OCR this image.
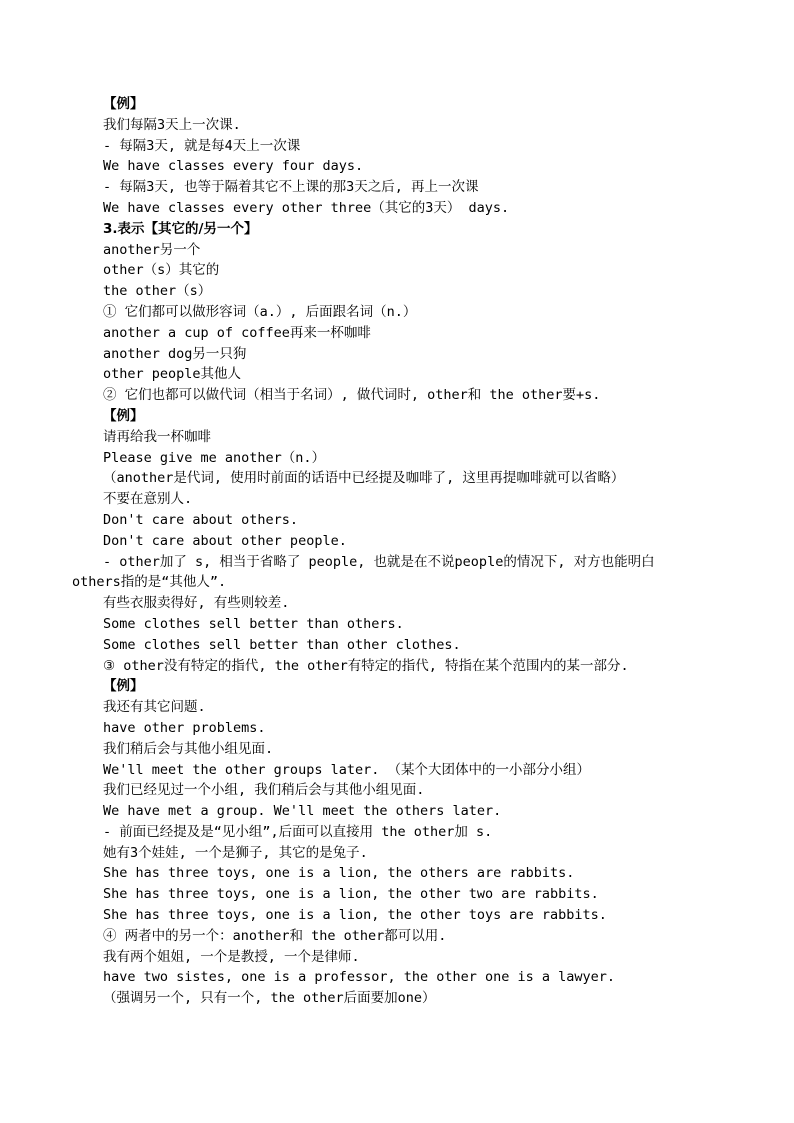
【例】
我们每隔3天上一次课.
- 每隔3天, 就是每4天上一次课
We have classes every four days.
- 每隔3天, 也等于隔着其它不上课的那3天之后, 再上一次课
We have classes every other three（其它的3天） days.
3.表示【其它的/另一个】
another另一个
other（s）其它的
the other（s）
① 它们都可以做形容词（a.）, 后面跟名词（n.）
another a cup of coffee再来一杯咖啡
another dog另一只狗
other people其他人
② 它们也都可以做代词（相当于名词）, 做代词时, other和 the other要+s.
【例】
请再给我一杯咖啡
Please give me another（n.）
（another是代词, 使用时前面的话语中已经提及咖啡了, 这里再提咖啡就可以省略）
不要在意别人.
Don't care about others.
Don't care about other people.
- other加了 s, 相当于省略了 people, 也就是在不说people的情况下, 对方也能明白
others指的是“其他人”.
有些衣服卖得好, 有些则较差.
Some clothes sell better than others.
Some clothes sell better than other clothes.
③ other没有特定的指代, the other有特定的指代, 特指在某个范围内的某一部分.
【例】
我还有其它问题.
have other problems.
我们稍后会与其他小组见面.
We'll meet the other groups later. （某个大团体中的一小部分小组）
我们已经见过一个小组, 我们稍后会与其他小组见面.
We have met a group. We'll meet the others later.
- 前面已经提及是“见小组”,后面可以直接用 the other加 s.
她有3个娃娃, 一个是狮子, 其它的是兔子.
She has three toys, one is a lion, the others are rabbits.
She has three toys, one is a lion, the other two are rabbits.
She has three toys, one is a lion, the other toys are rabbits.
④ 两者中的另一个：another和 the other都可以用.
我有两个姐姐, 一个是教授, 一个是律师.
have two sistes, one is a professor, the other one is a lawyer.
（强调另一个, 只有一个, the other后面要加one）
